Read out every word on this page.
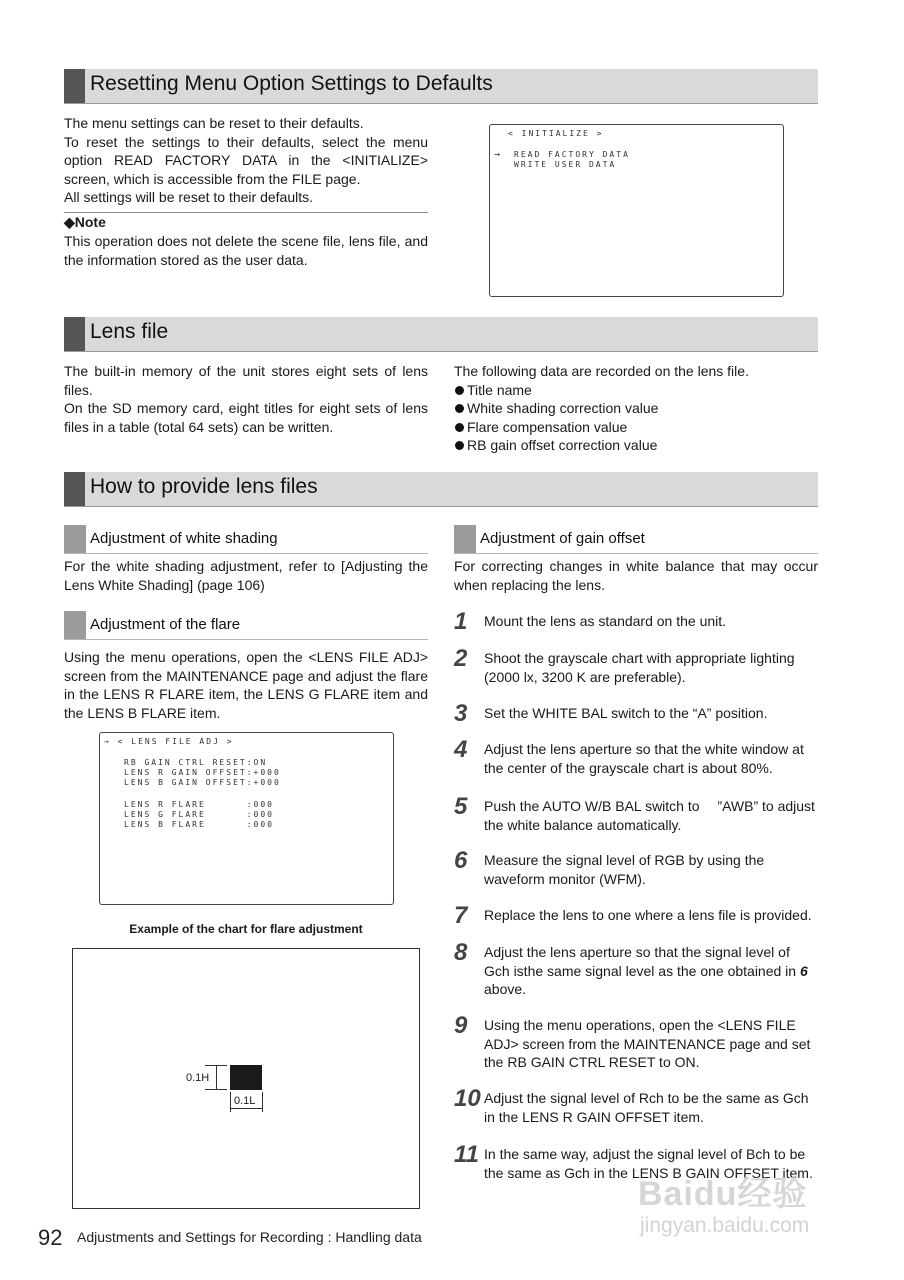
Resetting Menu Option Settings to Defaults

The menu settings can be reset to their defaults.

To reset the settings to their defaults, select the menu option READ FACTORY DATA in the <INITIALIZE> screen, which is accessible from the FILE page.

All settings will be reset to their defaults.

◆Note
This operation does not delete the scene file, lens file, and the information stored as the user data.

< INITIALIZE >

→

READ FACTORY DATA

WRITE USER DATA

Lens file

The built-in memory of the unit stores eight sets of lens files.

On the SD memory card, eight titles for eight sets of lens files in a table (total 64 sets) can be written.

The following data are recorded on the lens file.

Title name
White shading correction value
Flare compensation value
RB gain offset correction value
How to provide lens files
Adjustment of white shading
For the white shading adjustment, refer to [Adjusting the Lens White Shading] (page 106)
Adjustment of the flare
Using the menu operations, open the <LENS FILE ADJ> screen from the MAINTENANCE page and adjust the flare in the LENS R FLARE item, the LENS G FLARE item and the LENS B FLARE item.

→ < LENS FILE ADJ >

RB GAIN CTRL RESET:ON

LENS R GAIN OFFSET:+000

LENS B GAIN OFFSET:+000

LENS R FLARE      :000

LENS G FLARE      :000

LENS B FLARE      :000

Example of the chart for flare adjustment
0.1H
0.1L
Adjustment of gain offset
For correcting changes in white balance that may occur when replacing the lens.
1	Mount the lens as standard on the unit.
2	Shoot the grayscale chart with appropriate lighting (2000 lx, 3200 K are preferable).
3	Set the WHITE BAL switch to the “A” position.
4	Adjust the lens aperture so that the white window at the center of the grayscale chart is about 80%.
5	Push the AUTO W/B BAL switch to 　”AWB” to adjust the white balance automatically.
6	Measure the signal level of RGB by using the waveform monitor (WFM).
7	Replace the lens to one where a lens file is provided.
8	Adjust the lens aperture so that the signal level of Gch isthe same signal level as the one obtained in 6
above.
9	Using the menu operations, open the <LENS FILE ADJ> screen from the MAINTENANCE page and set the RB GAIN CTRL RESET to ON.
10 Adjust the signal level of Rch to be the same as Gch in the LENS R GAIN OFFSET item.
11 In the same way, adjust the signal level of Bch to be the same as Gch in the LENS B GAIN OFFSET item.
92 Adjustments and Settings for Recording : Handling data
Baidu经验
jingyan.baidu.com
